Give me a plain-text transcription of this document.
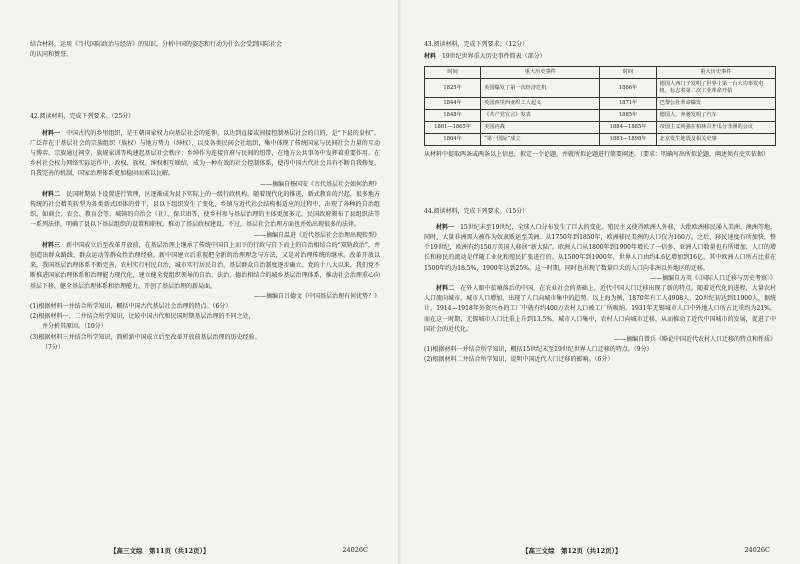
结合材料，运用《当代国际政治与经济》的知识，分析中国的姿态和行动为什么会受到国际社会

的认同和赞誉。

42.阅读材料，完成下列要求。（25分）

材料一　 中国古代的乡里组织，是王朝国家权力向基层社会的延伸，以达到直接或间接控制基层社会的目的，是“下县的皇权”。广泛存在于基层社会的宗族组织（族权）与地方势力（绅权），以及各类民间会社组织，集中体现了传统国家与民间社会力量的互动与博弈。宗族通过祠堂、族规家训等构建起基层社会秩序；乡绅作为连接官府与民间的纽带，在地方公共事务中发挥着重要作用。在乡村社会权力网络实际运作中，政权、族权、绅权相互联结，成为一种有效的社会控制体系，使得中国古代社会具有不断自我修复、自我完善的机制，国家治理体系更加稳固而难以瓦解。

——摘编自杨国安《古代基层社会如何治理》

材料二　 民国时期县下设置进行管理，区逐渐成为县下实际上的一级行政机构。随着现代化的推进，新式教育的兴起，很多地方传统的社会精英转型为各类新式团体的骨干，县以下组织发生了变化，乡镇与近代社会结构相适应的过程中，出现了各种的自治组织，如商会、农会、教育会等，城镇的自治会（社）、保卫团等，使乡村参与基层治理的主体更加多元。民国政府颁布了县组织法等一系列法律，明确了县以下基层组织的设置和职权，推动了基层政权建设。不过，基层社会治理方面也并始出现很多的法律。

——摘编自温进《近代基层社会治理出现转型》

材料三　 新中国成立后至改革开放前，在基层治理上继承了传统中国自上而下的行政与自下而上的自治相结合的“双轨政治”，并创造出群众路线、群众运动等群众性治理经验。新中国建立后重视把全新的治理理念与方法，又是对治理传统的继承。改革开放以来，我国基层治理体系不断完善，农村实行村民自治，城市实行居民自治，基层群众自治制度逐步确立。党的十八大以来，我们党不断推进国家治理体系和治理能力现代化，建立健全党组织领导的自治、法治、德治相结合的城乡基层治理体系，推动社会治理重心向基层下移，健全基层治理体系和治理能力，开创了基层治理的新局面。

——摘编自吕德文《中国基层治理有何优势？》

(1)根据材料一并结合所学知识，概括中国古代基层社会治理的特点。（6分）

(2)根据材料一、二并结合所学知识，比较中国古代和民国时期基层治理的不同之处，

并分析其原因。（10分）

(3)根据材料三并结合所学知识，简析新中国成立后至改革开放前基层治理的历史经验。

（7分）

【高三文综　第11页（共12页）】	24026C

43.阅读材料，完成下列要求。（12分）

材料　 19世纪世界重大历史事件简表（部分）

时间	重大历史事件	时间	重大历史事件
1825年	英国爆发了第一次经济危机	1866年	德国人西门子发明了世界上第一台大功率发电机，标志着第二次工业革命开始
1844年	英国西里西亚织工人起义	1871年	巴黎公社革命爆发
1848年	《共产党宣言》发表	1885年	德国人，奔驰发明了汽车
1861—1865年	美国内战	1884—1885年	帝国主义列强在柏林召开瓜分非洲的会议
1864年	“第一国际”成立	1881—1898年	北京发生地震及相关史事

从材料中提取两条或两条以上信息，拟定一个论题，并就所拟论题进行简要阐述。（要求：明确写出所拟论题，阐述须有史实依据）

44.阅读材料，完成下列要求。（15分）

材料一　 15世纪末至19世纪，全球人口分布发生了巨大的变化。殖民主义使得欧洲人外移，大批欧洲移民涌入美洲、澳洲等地，同时，大量非洲黑人被作为奴隶贩运至美洲。从1750年到1850年，欧洲移民美洲的人口仅为160万，之后，移民速度有所加快，整个19世纪，欧洲有约150万英国人移居“新大陆”。欧洲人口从1800年到1900年增长了一倍多，亚洲人口数量也有所增加，人口的增长和移民的流动是伴随工业化和殖民扩张进行的。从1500年到1900年，世界人口由约4.6亿增加到16亿，其中欧洲人口所占比重在1500年约为18.5%，1900年达到25%。这一时期，同时也出现了数量巨大的人口向非洲以外地区的迁移。

——摘编自方英《〈国际人口迁移与历史考察〉》

材料二　 在外人眼中贫瘠落后的中国，在农业社会的基础上，近代中国人口迁移出现了新的特点。随着近代化的进程，大量农村人口流向城市，城市人口增加，出现了人口向城市集中的趋势。以上海为例，1870年有工人4908人，20世纪初达到11900人，据统计，1914—1918年外资兴办的工厂中就有约400万农村人口被工厂所吸纳，1931年无锡城市人口中外地人口所占比重约为21%，而在这一时期，无锡城市人口比重上升到13.5%，城市人口集中，农村人口向城市迁移，从而推动了近代中国城市的发展，促进了中国社会的近代化。

——摘编自曾兵《略论中国近代农村人口迁移的特点和性质》

(1)根据材料一并结合所学知识，概括15世纪末至19世纪世界人口迁移的特点。（9分）

(2)根据材料二并结合所学知识，说明中国近代人口迁移的影响。（6分）

【高三文综　第12页（共12页）】	24026C
